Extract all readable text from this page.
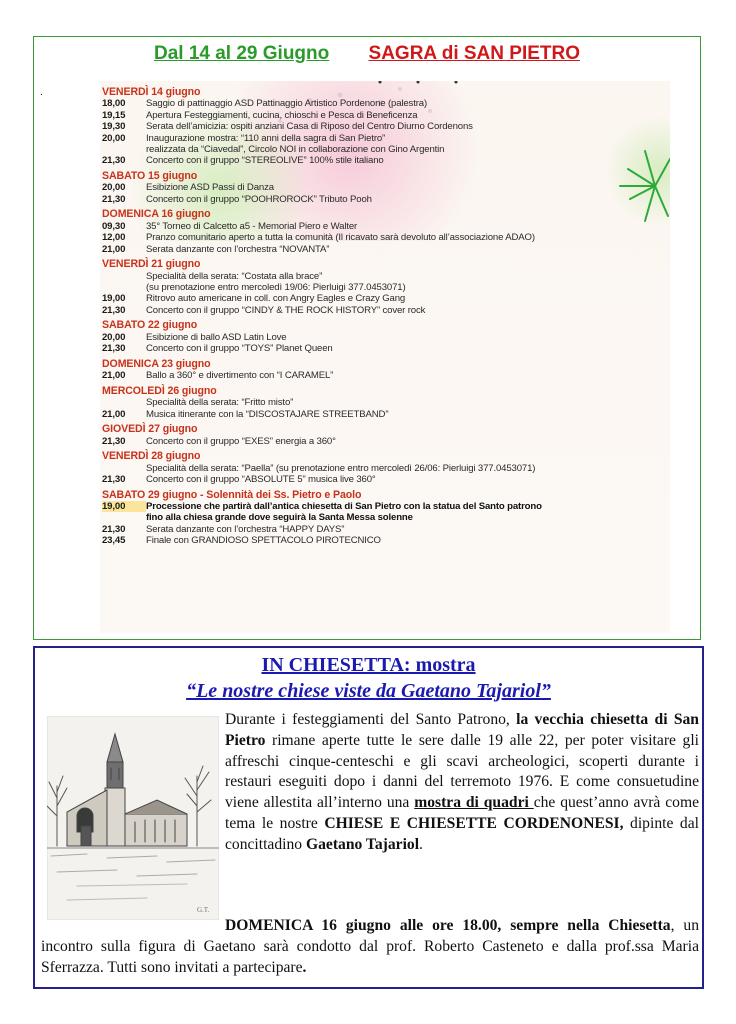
Dal 14 al 29 Giugno SAGRA di SAN PIETRO
.	VENERDÌ 14 giugno
18,00 Saggio di pattinaggio ASD Pattinaggio Artistico Pordenone (palestra)
19,15 Apertura Festeggiamenti, cucina, chioschi e Pesca di Beneficenza
19,30 Serata dell’amicizia: ospiti anziani Casa di Riposo del Centro Diurno Cordenons
20,00 Inaugurazione mostra: “110 anni della sagra di San Pietro”
realizzata da “Ciavedal”, Circolo NOI in collaborazione con Gino Argentin
21,30 Concerto con il gruppo “STEREOLIVE” 100% stile italiano
SABATO 15 giugno
20,00 Esibizione ASD Passi di Danza
21,30 Concerto con il gruppo “POOHROROCK” Tributo Pooh
DOMENICA 16 giugno
09,30 35° Torneo di Calcetto a5 - Memorial Piero e Walter
12,00 Pranzo comunitario aperto a tutta la comunità (Il ricavato sarà devoluto all’associazione ADAO)
21,00 Serata danzante con l’orchestra “NOVANTA”
VENERDÌ 21 giugno
Specialità della serata: “Costata alla brace”
(su prenotazione entro mercoledì 19/06: Pierluigi 377.0453071)
19,00 Ritrovo auto americane in coll. con Angry Eagles e Crazy Gang
21,30 Concerto con il gruppo “CINDY & THE ROCK HISTORY” cover rock
SABATO 22 giugno
20,00 Esibizione di ballo ASD Latin Love
21,30 Concerto con il gruppo “TOYS” Planet Queen
DOMENICA 23 giugno
21,00 Ballo a 360° e divertimento con “I CARAMEL”
MERCOLEDÌ 26 giugno
Specialità della serata: “Fritto misto”
21,00 Musica itinerante con la “DISCOSTAJARE STREETBAND”
GIOVEDÌ 27 giugno
21,30 Concerto con il gruppo “EXES” energia a 360°
VENERDÌ 28 giugno
Specialità della serata: “Paella” (su prenotazione entro mercoledì 26/06: Pierluigi 377.0453071)
21,30 Concerto con il gruppo “ABSOLUTE 5” musica live 360°
SABATO 29 giugno - Solennità dei Ss. Pietro e Paolo
19,00 Processione che partirà dall’antica chiesetta di San Pietro con la statua del Santo patrono
fino alla chiesa grande dove seguirà la Santa Messa solenne
21,30 Serata danzante con l’orchestra “HAPPY DAYS”
23,45 Finale con GRANDIOSO SPETTACOLO PIROTECNICO
IN CHIESETTA: mostra
“Le nostre chiese viste da Gaetano Tajariol”
G.T.
Durante i festeggiamenti del Santo Patrono, la vecchia chiesetta di San Pietro rimane aperte tutte le sere dalle 19 alle 22, per poter visitare gli affreschi cinque-centeschi e gli scavi archeologici, scoperti durante i restauri eseguiti dopo i danni del terremoto 1976. E come consuetudine viene allestita all’interno una mostra di quadri che quest’anno avrà come tema le nostre CHIESE E CHIESETTE CORDENONESI, dipinte dal concittadino Gaetano Tajariol.
DOMENICA 16 giugno alle ore 18.00, sempre nella Chiesetta, un incontro sulla figura di Gaetano sarà condotto dal prof. Roberto Casteneto e dalla prof.ssa Maria Sferrazza. Tutti sono invitati a partecipare.
